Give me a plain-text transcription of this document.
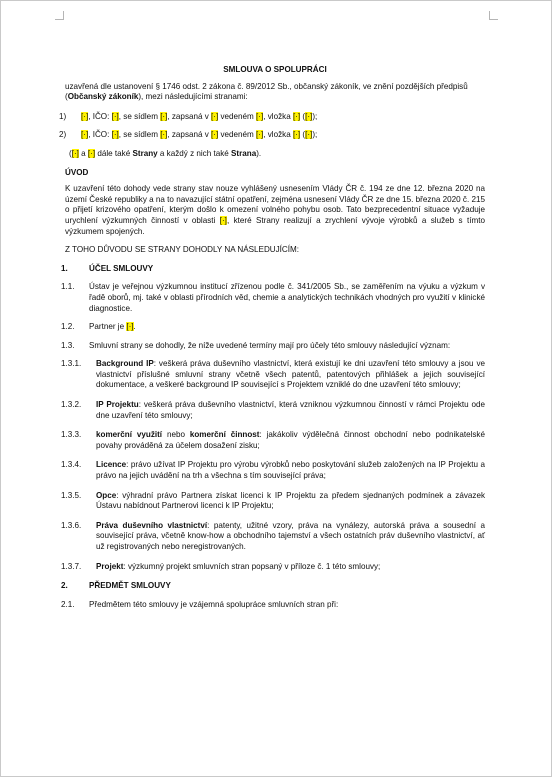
SMLOUVA O SPOLUPRÁCI

uzavřená dle ustanovení § 1746 odst. 2 zákona č. 89/2012 Sb., občanský zákoník, ve znění pozdějších předpisů (Občanský zákoník), mezi následujícími stranami:

1) [·], IČO: [·], se sídlem [·], zapsaná v [·] vedeném [·], vložka [·] ([·]);

2) [·], IČO: [·], se sídlem [·], zapsaná v [·] vedeném [·], vložka [·] ([·]);

([·] a [·] dále také Strany a každý z nich také Strana).

ÚVOD

K uzavření této dohody vede strany stav nouze vyhlášený usnesením Vlády ČR č. 194 ze dne 12. března 2020 na území České republiky a na to navazující státní opatření, zejména usnesení Vlády ČR ze dne 15. března 2020 č. 215 o přijetí krizového opatření, kterým došlo k omezení volného pohybu osob. Tato bezprecedentní situace vyžaduje urychlení výzkumných činností v oblasti [·], které Strany realizují a zrychlení vývoje výrobků a služeb s tímto výzkumem spojených.

Z TOHO DŮVODU SE STRANY DOHODLY NA NÁSLEDUJÍCÍM:

1.	ÚČEL SMLOUVY

1.1. Ústav je veřejnou výzkumnou institucí zřízenou podle č. 341/2005 Sb., se zaměřením na výuku a výzkum v řadě oborů, mj. také v oblasti přírodních věd, chemie a analytických technikách vhodných pro využití v klinické diagnostice.

1.2. Partner je [·].

1.3. Smluvní strany se dohodly, že níže uvedené termíny mají pro účely této smlouvy následující význam:

1.3.1. Background IP: veškerá práva duševního vlastnictví, která existují ke dni uzavření této smlouvy a jsou ve vlastnictví příslušné smluvní strany včetně všech patentů, patentových přihlášek a jejich související dokumentace, a veškeré background IP související s Projektem vzniklé do dne uzavření této smlouvy;

1.3.2. IP Projektu: veškerá práva duševního vlastnictví, která vzniknou výzkumnou činností v rámci Projektu ode dne uzavření této smlouvy;

1.3.3. komerční využití nebo komerční činnost: jakákoliv výdělečná činnost obchodní nebo podnikatelské povahy prováděná za účelem dosažení zisku;

1.3.4. Licence: právo užívat IP Projektu pro výrobu výrobků nebo poskytování služeb založených na IP Projektu a právo na jejich uvádění na trh a všechna s tím související práva;

1.3.5. Opce: výhradní právo Partnera získat licenci k IP Projektu za předem sjednaných podmínek a závazek Ústavu nabídnout Partnerovi licenci k IP Projektu;

1.3.6. Práva duševního vlastnictví: patenty, užitné vzory, práva na vynálezy, autorská práva a sousední a související práva, včetně know-how a obchodního tajemství a všech ostatních práv duševního vlastnictví, ať už registrovaných nebo neregistrovaných.

1.3.7. Projekt: výzkumný projekt smluvních stran popsaný v příloze č. 1 této smlouvy;

2.	PŘEDMĚT SMLOUVY

2.1. Předmětem této smlouvy je vzájemná spolupráce smluvních stran při:
